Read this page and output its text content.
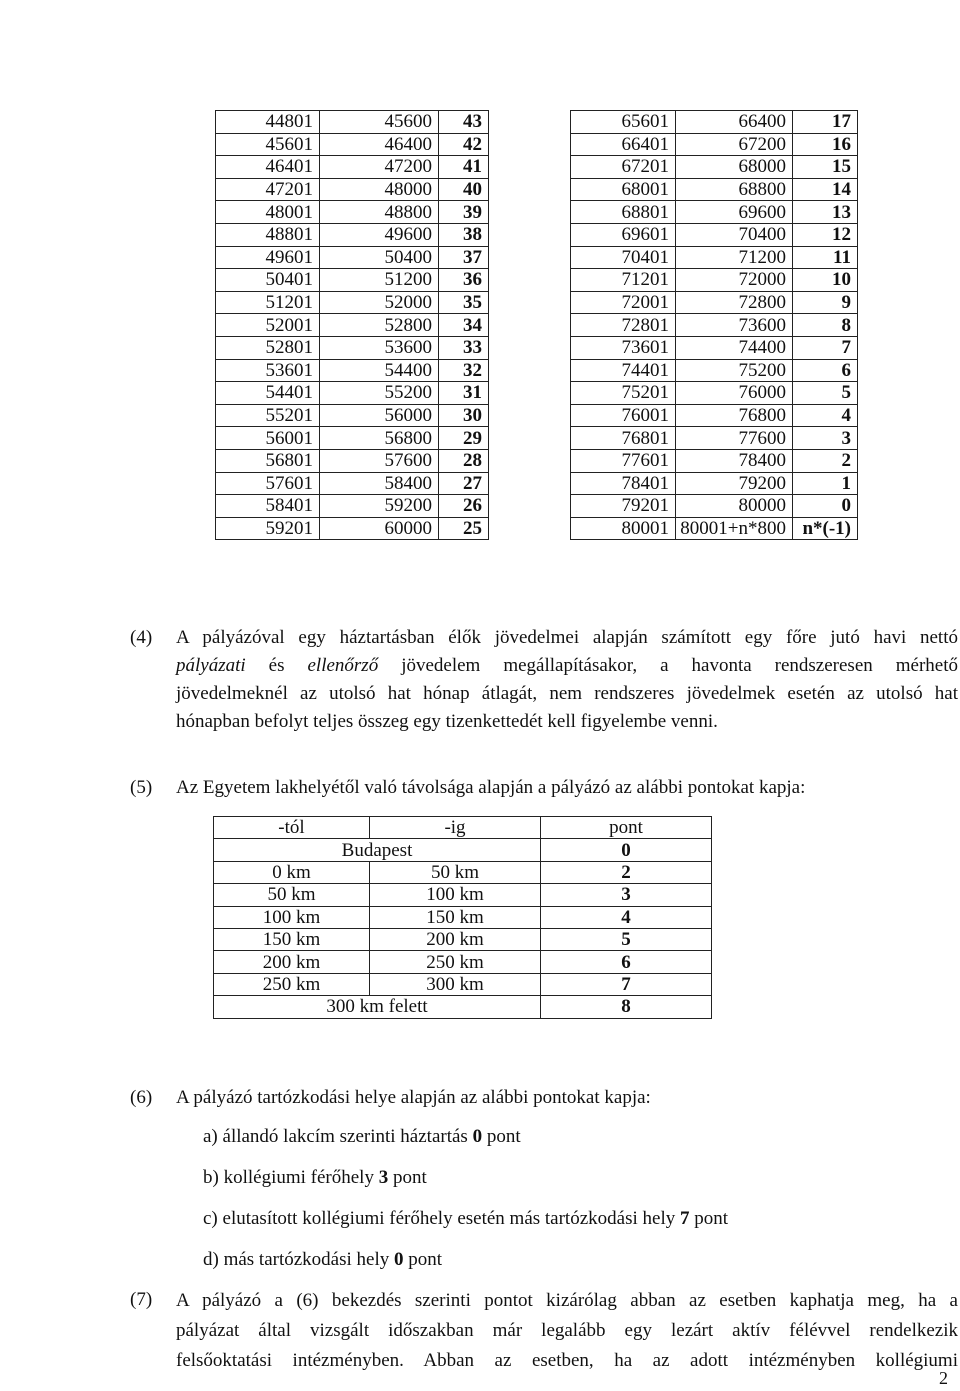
44801	45600	43
45601	46400	42
46401	47200	41
47201	48000	40
48001	48800	39
48801	49600	38
49601	50400	37
50401	51200	36
51201	52000	35
52001	52800	34
52801	53600	33
53601	54400	32
54401	55200	31
55201	56000	30
56001	56800	29
56801	57600	28
57601	58400	27
58401	59200	26
59201	60000	25
65601	66400	17
66401	67200	16
67201	68000	15
68001	68800	14
68801	69600	13
69601	70400	12
70401	71200	11
71201	72000	10
72001	72800	9
72801	73600	8
73601	74400	7
74401	75200	6
75201	76000	5
76001	76800	4
76801	77600	3
77601	78400	2
78401	79200	1
79201	80000	0
80001	80001+n*800	n*(-1)
(4) A pályázóval egy háztartásban élők jövedelmei alapján számított egy főre jutó havi nettó
pályázati és ellenőrző jövedelem megállapításakor, a havonta rendszeresen mérhető
jövedelmeknél az utolsó hat hónap átlagát, nem rendszeres jövedelmek esetén az utolsó hat
hónapban befolyt teljes összeg egy tizenkettedét kell figyelembe venni.
(5) Az Egyetem lakhelyétől való távolsága alapján a pályázó az alábbi pontokat kapja:
-tól	-ig	pont
Budapest		0
0 km	50 km	2
50 km	100 km	3
100 km	150 km	4
150 km	200 km	5
200 km	250 km	6
250 km	300 km	7
300 km felett		8
(6) A pályázó tartózkodási helye alapján az alábbi pontokat kapja:
a) állandó lakcím szerinti háztartás 0 pont
b) kollégiumi férőhely 3 pont
c) elutasított kollégiumi férőhely esetén más tartózkodási hely 7 pont
d) más tartózkodási hely 0 pont
(7) A pályázó a (6) bekezdés szerinti pontot kizárólag abban az esetben kaphatja meg, ha a
pályázat által vizsgált időszakban már legalább egy lezárt aktív félévvel rendelkezik
felsőoktatási intézményben. Abban az esetben, ha az adott intézményben kollégiumi
2
